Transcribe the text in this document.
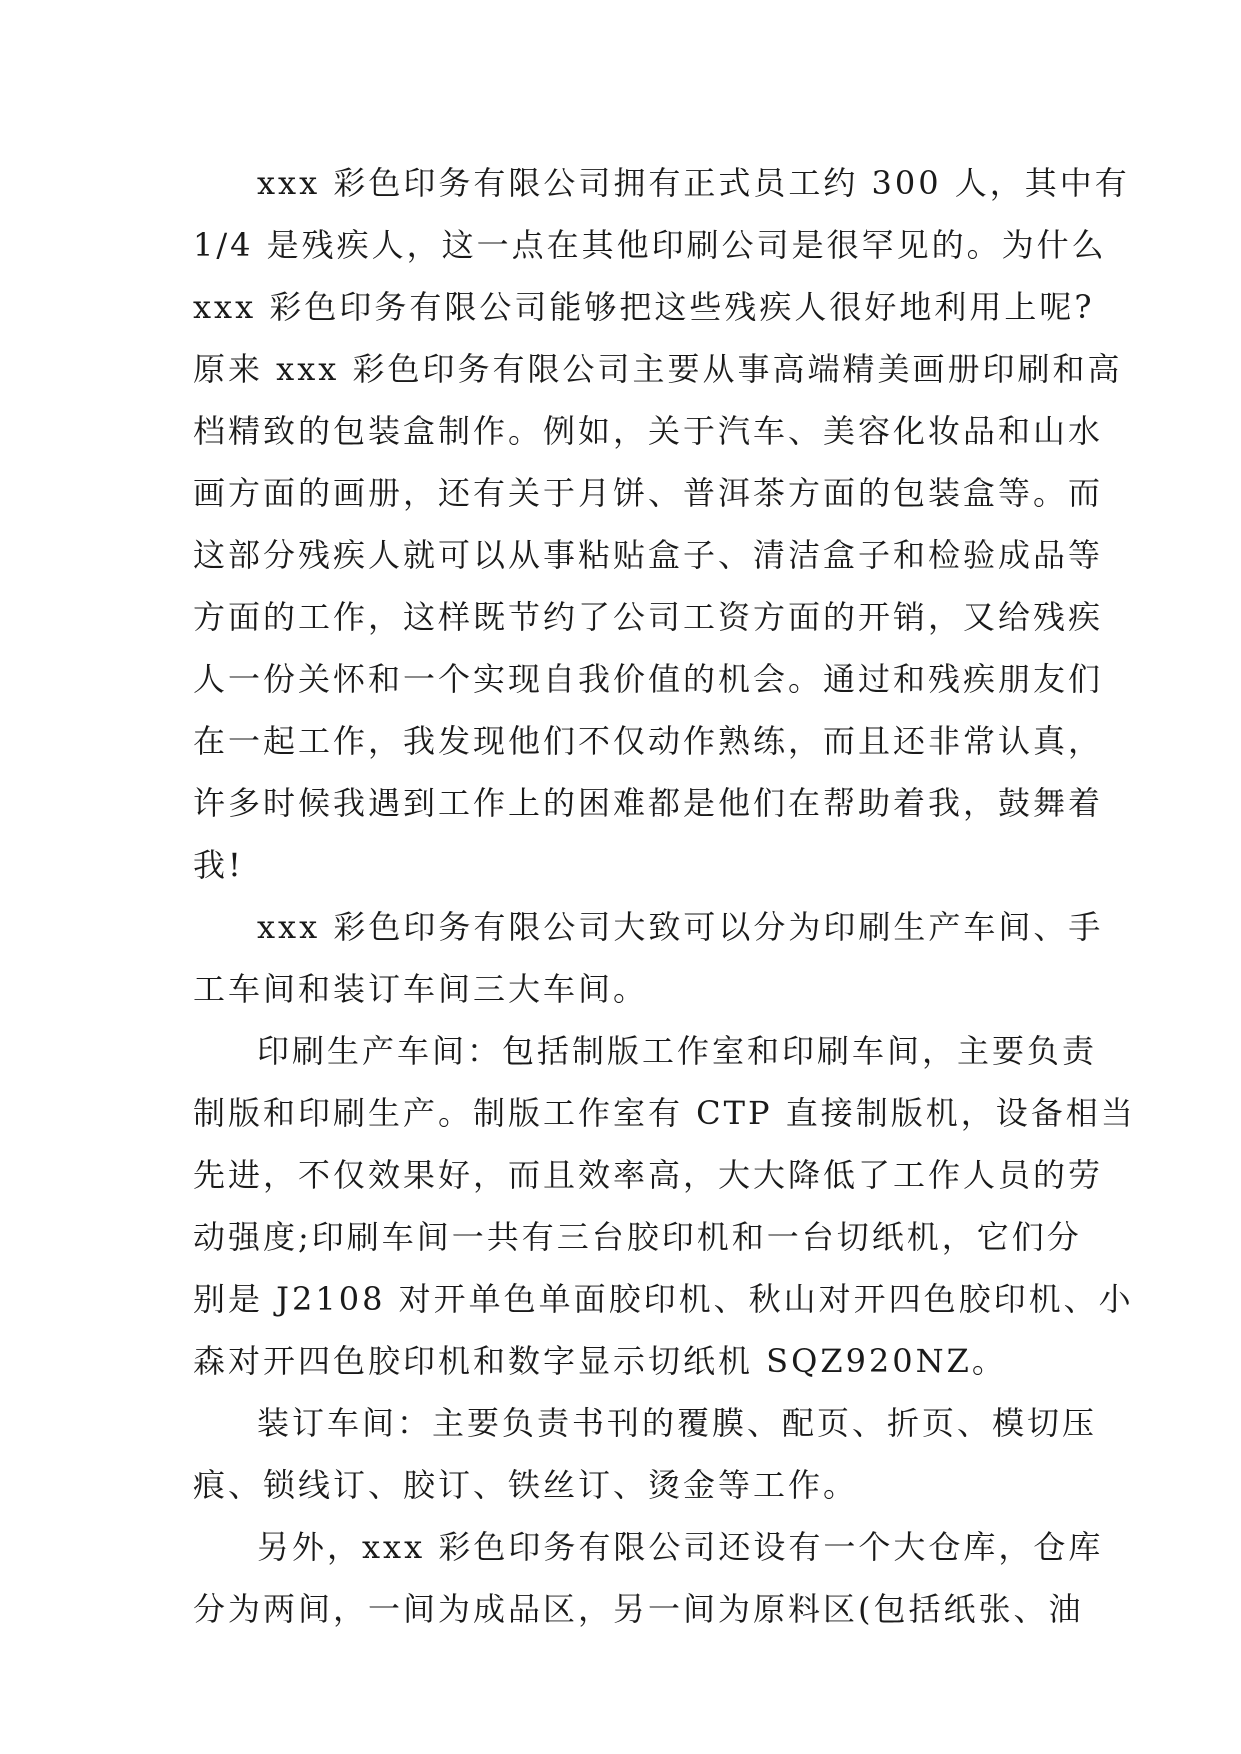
xxx 彩色印务有限公司拥有正式员工约 300 人，其中有
1/4 是残疾人，这一点在其他印刷公司是很罕见的。为什么
xxx 彩色印务有限公司能够把这些残疾人很好地利用上呢?
原来 xxx 彩色印务有限公司主要从事高端精美画册印刷和高
档精致的包装盒制作。例如，关于汽车、美容化妆品和山水
画方面的画册，还有关于月饼、普洱茶方面的包装盒等。而
这部分残疾人就可以从事粘贴盒子、清洁盒子和检验成品等
方面的工作，这样既节约了公司工资方面的开销，又给残疾
人一份关怀和一个实现自我价值的机会。通过和残疾朋友们
在一起工作，我发现他们不仅动作熟练，而且还非常认真，
许多时候我遇到工作上的困难都是他们在帮助着我，鼓舞着
我!
xxx 彩色印务有限公司大致可以分为印刷生产车间、手
工车间和装订车间三大车间。
印刷生产车间：包括制版工作室和印刷车间，主要负责
制版和印刷生产。制版工作室有 CTP 直接制版机，设备相当
先进，不仅效果好，而且效率高，大大降低了工作人员的劳
动强度;印刷车间一共有三台胶印机和一台切纸机，它们分
别是 J2108 对开单色单面胶印机、秋山对开四色胶印机、小
森对开四色胶印机和数字显示切纸机 SQZ920NZ。
装订车间：主要负责书刊的覆膜、配页、折页、模切压
痕、锁线订、胶订、铁丝订、烫金等工作。
另外，xxx 彩色印务有限公司还设有一个大仓库，仓库
分为两间，一间为成品区，另一间为原料区(包括纸张、油
